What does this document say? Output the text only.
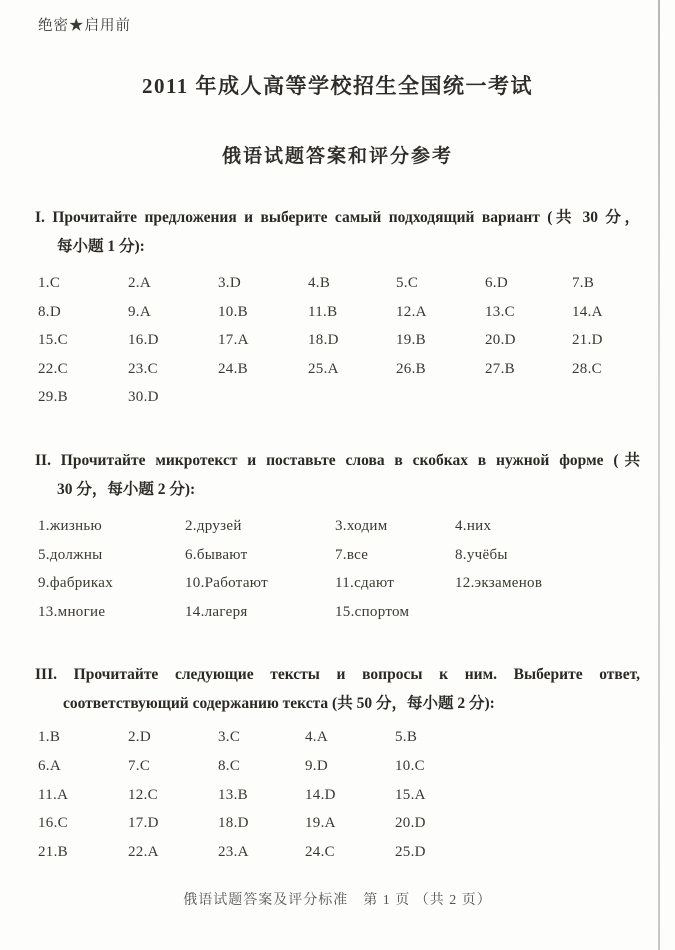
绝密★启用前
2011 年成人高等学校招生全国统一考试
俄语试题答案和评分参考
I. Прочитайте предложения и выберите самый подходящий вариант (共 30 分，
每小题 1 分):
1.C	2.A	3.D	4.B	5.C	6.D	7.B
8.D	9.A	10.B	11.B	12.A	13.C	14.A
15.C	16.D	17.A	18.D	19.B	20.D	21.D
22.C	23.C	24.B	25.A	26.B	27.B	28.C
29.B	30.D
II. Прочитайте микротекст и поставьте слова в скобках в нужной форме (共
30 分，每小题 2 分):
1.жизнью	2.друзей	3.ходим	4.них
5.должны	6.бывают	7.все	8.учёбы
9.фабриках	10.Работают	11.сдают	12.экзаменов
13.многие	14.лагеря	15.спортом
III. Прочитайте следующие тексты и вопросы к ним. Выберите ответ,
соответствующий содержанию текста (共 50 分，每小题 2 分):
1.B	2.D	3.C	4.A	5.B
6.A	7.C	8.C	9.D	10.C
11.A	12.C	13.B	14.D	15.A
16.C	17.D	18.D	19.A	20.D
21.B	22.A	23.A	24.C	25.D
俄语试题答案及评分标准　第 1 页 （共 2 页）
